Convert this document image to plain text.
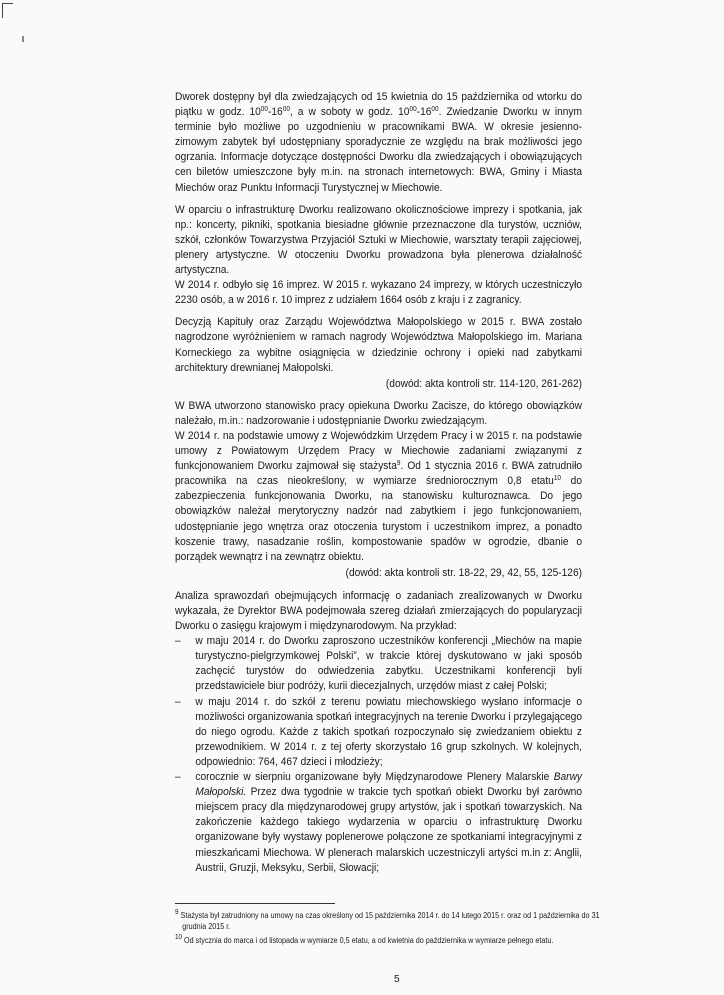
Dworek dostępny był dla zwiedzających od 15 kwietnia do 15 października od wtorku do piątku w godz. $10^{00}-16^{00}$, a w soboty w godz. $10^{00}-16^{00}$. Zwiedzanie Dworku w innym terminie było możliwe po uzgodnieniu w pracownikami BWA. W okresie jesienno-zimowym zabytek był udostępniany sporadycznie ze względu na brak możliwości jego ogrzania. Informacje dotyczące dostępności Dworku dla zwiedzających i obowiązujących cen biletów umieszczone były m.in. na stronach internetowych: BWA, Gminy i Miasta Miechów oraz Punktu Informacji Turystycznej w Miechowie.

W oparciu o infrastrukturę Dworku realizowano okolicznościowe imprezy i spotkania, jak np.: koncerty, pikniki, spotkania biesiadne głównie przeznaczone dla turystów, uczniów, szkół, członków Towarzystwa Przyjaciół Sztuki w Miechowie, warsztaty terapii zajęciowej, plenery artystyczne. W otoczeniu Dworku prowadzona była plenerowa działalność artystyczna.

W 2014 r. odbyło się 16 imprez. W 2015 r. wykazano 24 imprezy, w których uczestniczyło 2230 osób, a w 2016 r. 10 imprez z udziałem 1664 osób z kraju i z zagranicy.

Decyzją Kapituły oraz Zarządu Województwa Małopolskiego w 2015 r. BWA zostało nagrodzone wyróżnieniem w ramach nagrody Województwa Małopolskiego im. Mariana Korneckiego za wybitne osiągnięcia w dziedzinie ochrony i opieki nad zabytkami architektury drewnianej Małopolski.

(dowód: akta kontroli str. 114-120, 261-262)

W BWA utworzono stanowisko pracy opiekuna Dworku Zacisze, do którego obowiązków należało, m.in.: nadzorowanie i udostępnianie Dworku zwiedzającym.

W 2014 r. na podstawie umowy z Wojewódzkim Urzędem Pracy i w 2015 r. na podstawie umowy z Powiatowym Urzędem Pracy w Miechowie zadaniami związanymi z funkcjonowaniem Dworku zajmował się stażysta$^9$. Od 1 stycznia 2016 r. BWA zatrudniło pracownika na czas nieokreślony, w wymiarze średniorocznym 0,8 etatu$^{10}$ do zabezpieczenia funkcjonowania Dworku, na stanowisku kulturoznawca. Do jego obowiązków należał merytoryczny nadzór nad zabytkiem i jego funkcjonowaniem, udostępnianie jego wnętrza oraz otoczenia turystom i uczestnikom imprez, a ponadto koszenie trawy, nasadzanie roślin, kompostowanie spadów w ogrodzie, dbanie o porządek wewnątrz i na zewnątrz obiektu.

(dowód: akta kontroli str. 18-22, 29, 42, 55, 125-126)

Analiza sprawozdań obejmujących informację o zadaniach zrealizowanych w Dworku wykazała, że Dyrektor BWA podejmowała szereg działań zmierzających do popularyzacji Dworku o zasięgu krajowym i międzynarodowym. Na przykład:

– w maju 2014 r. do Dworku zaproszono uczestników konferencji „Miechów na mapie turystyczno-pielgrzymkowej Polski”, w trakcie której dyskutowano w jaki sposób zachęcić turystów do odwiedzenia zabytku. Uczestnikami konferencji byli przedstawiciele biur podróży, kurii diecezjalnych, urzędów miast z całej Polski;
– w maju 2014 r. do szkół z terenu powiatu miechowskiego wysłano informacje o możliwości organizowania spotkań integracyjnych na terenie Dworku i przylegającego do niego ogrodu. Każde z takich spotkań rozpoczynało się zwiedzaniem obiektu z przewodnikiem. W 2014 r. z tej oferty skorzystało 16 grup szkolnych. W kolejnych, odpowiednio: 764, 467 dzieci i młodzieży;
– corocznie w sierpniu organizowane były Międzynarodowe Plenery Malarskie Barwy Małopolski. Przez dwa tygodnie w trakcie tych spotkań obiekt Dworku był zarówno miejscem pracy dla międzynarodowej grupy artystów, jak i spotkań towarzyskich. Na zakończenie każdego takiego wydarzenia w oparciu o infrastrukturę Dworku organizowane były wystawy poplenerowe połączone ze spotkaniami integracyjnymi z mieszkańcami Miechowa. W plenerach malarskich uczestniczyli artyści m.in z: Anglii, Austrii, Gruzji, Meksyku, Serbii, Słowacji;

$^9$ Stażysta był zatrudniony na umowy na czas określony od 15 października 2014 r. do 14 lutego 2015 r. oraz od 1 października do 31 grudnia 2015 r.

$^{10}$ Od stycznia do marca i od listopada w wymiarze 0,5 etatu, a od kwietnia do października w wymiarze pełnego etatu.

5
